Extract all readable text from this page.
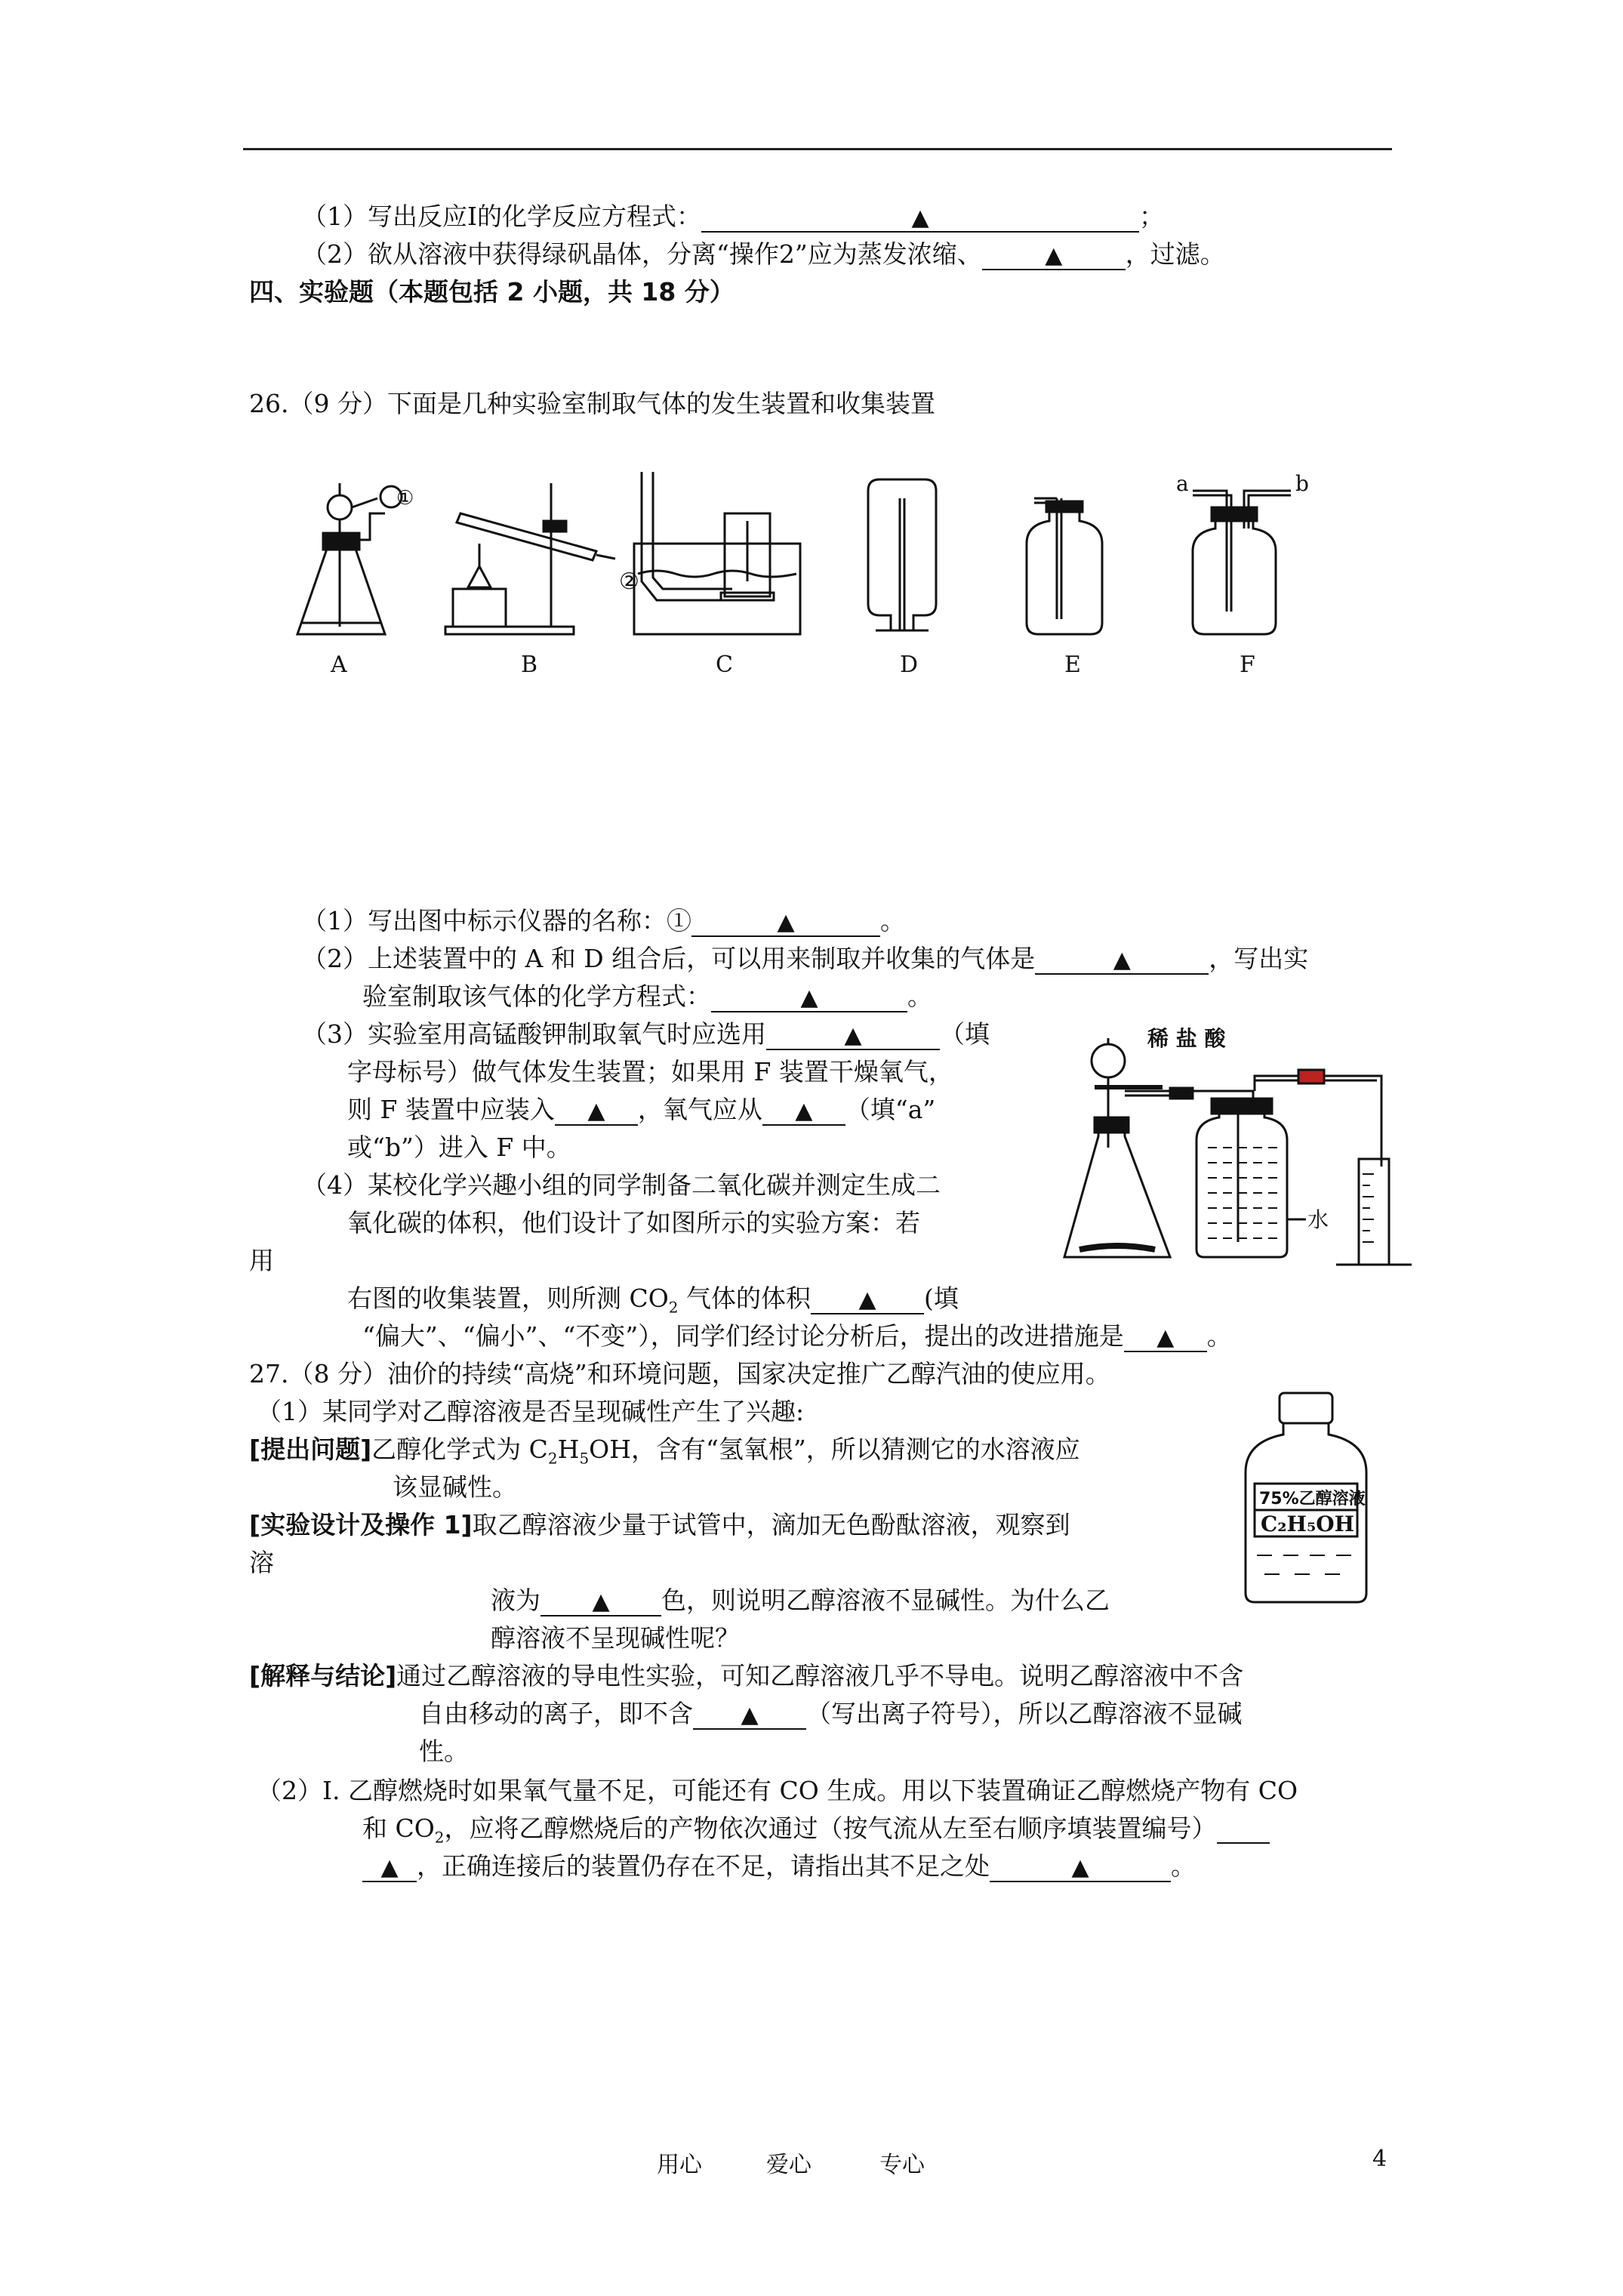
（1）写出反应Ⅰ的化学反应方程式：	▲	；
（2）欲从溶液中获得绿矾晶体，分离“操作2”应为蒸发浓缩、	▲	，过滤。
四、实验题（本题包括 2 小题，共 18 分）
26.（9 分）下面是几种实验室制取气体的发生装置和收集装置
①
②
a	b
A	B	C	D	E	F
（1）写出图中标示仪器的名称：①	▲	。
（2）上述装置中的 A 和 D 组合后，可以用来制取并收集的气体是	▲	，写出实
验室制取该气体的化学方程式：	▲	。
（3）实验室用高锰酸钾制取氧气时应选用	▲	（填
字母标号）做气体发生装置；如果用 F 装置干燥氧气，
则 F 装置中应装入 ▲ ，氧气应从 ▲ （填“a”
或“b”）进入 F 中。
（4）某校化学兴趣小组的同学制备二氧化碳并测定生成二
氧化碳的体积，他们设计了如图所示的实验方案：若
用
右图的收集装置，则所测 $CO_2$ 气体的体积 ▲ (填
“偏大”、“偏小”、“不变”），同学们经讨论分析后，提出的改进措施是 ▲ 。
稀 盐 酸
水
27.（8 分）油价的持续“高烧”和环境问题，国家决定推广乙醇汽油的使应用。
（1）某同学对乙醇溶液是否呈现碱性产生了兴趣:
[提出问题]乙醇化学式为 $C_2H_5OH$，含有“氢氧根”，所以猜测它的水溶液应
该显碱性。
[实验设计及操作 1]取乙醇溶液少量于试管中，滴加无色酚酞溶液，观察到
溶
液为 ▲ 色，则说明乙醇溶液不显碱性。为什么乙
醇溶液不呈现碱性呢？
75%乙醇溶液
C₂H₅OH
[解释与结论]通过乙醇溶液的导电性实验，可知乙醇溶液几乎不导电。说明乙醇溶液中不含
自由移动的离子，即不含 ▲ （写出离子符号），所以乙醇溶液不显碱
性。
（2）Ⅰ. 乙醇燃烧时如果氧气量不足，可能还有 CO 生成。用以下装置确证乙醇燃烧产物有 CO
和 $CO_2$，应将乙醇燃烧后的产物依次通过（按气流从左至右顺序填装置编号）
▲ ，正确连接后的装置仍存在不足，请指出其不足之处	▲	。
用心	爱心	专心	4
